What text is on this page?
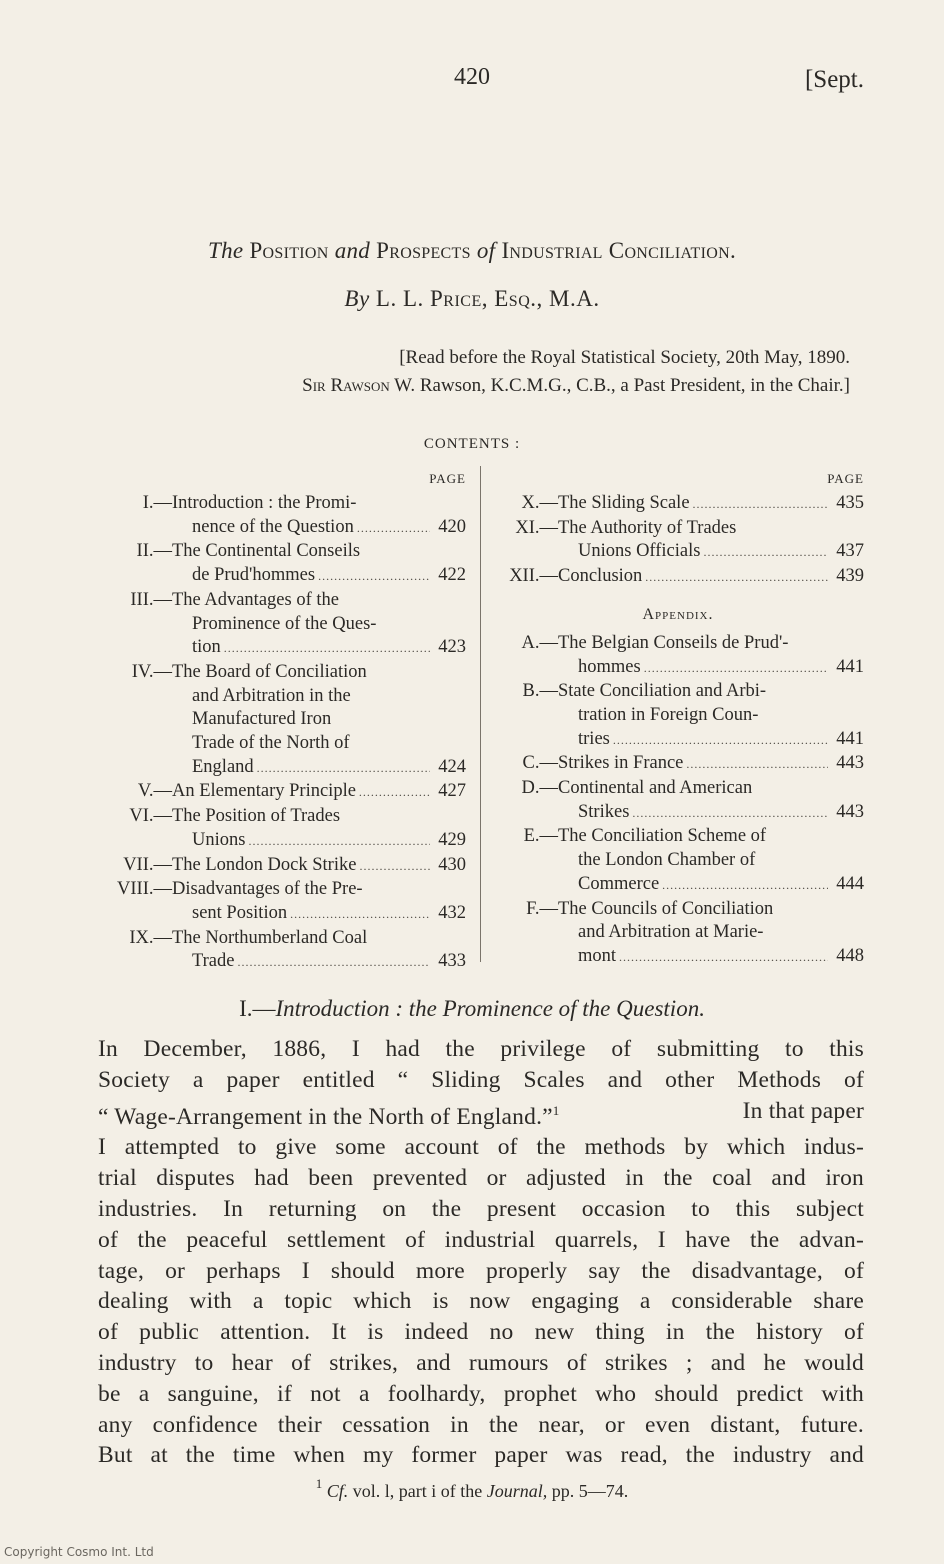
420	[Sept.
The Position and Prospects of Industrial Conciliation.
By L. L. Price, Esq., M.A.
[Read before the Royal Statistical Society, 20th May, 1890.
Sir Rawson W. Rawson, K.C.M.G., C.B., a Past President, in the Chair.]
CONTENTS :
PAGE
I.— Introduction : the Promi-
nence of the Question . . .	420
II.— The Continental Conseils
de Prud'hommes . . .	422
III.— The Advantages of the
Prominence of the Ques-
tion . . .	423
IV.— The Board of Conciliation
and Arbitration in the
Manufactured Iron
Trade of the North of
England . . .	424
V.— An Elementary Principle . . .	427
VI.— The Position of Trades
Unions . . .	429
VII.— The London Dock Strike . . .	430
VIII.— Disadvantages of the Pre-
sent Position . . .	432
IX.— The Northumberland Coal
Trade . . .	433
PAGE
X.— The Sliding Scale . . .	435
XI.— The Authority of Trades
Unions Officials . . .	437
XII.— Conclusion . . .	439
Appendix.
A.— The Belgian Conseils de Prud'-
hommes . . .	441
B.— State Conciliation and Arbi-
tration in Foreign Coun-
tries . . .	441
C.— Strikes in France . . .	443
D.— Continental and American
Strikes . . .	443
E.— The Conciliation Scheme of
the London Chamber of
Commerce . . .	444
F.— The Councils of Conciliation
and Arbitration at Marie-
mont . . .	448
I.—Introduction : the Prominence of the Question.
In December, 1886, I had the privilege of submitting to this
Society a paper entitled “ Sliding Scales and other Methods of
“ Wage-Arrangement in the North of England.”$^1$	In that paper
I attempted to give some account of the methods by which indus-
trial disputes had been prevented or adjusted in the coal and iron
industries. In returning on the present occasion to this subject
of the peaceful settlement of industrial quarrels, I have the advan-
tage, or perhaps I should more properly say the disadvantage, of
dealing with a topic which is now engaging a considerable share
of public attention. It is indeed no new thing in the history of
industry to hear of strikes, and rumours of strikes ; and he would
be a sanguine, if not a foolhardy, prophet who should predict with
any confidence their cessation in the near, or even distant, future.
But at the time when my former paper was read, the industry and
$^1$ Cf. vol. l, part i of the Journal, pp. 5—74.
Copyright Cosmo Int. Ltd
